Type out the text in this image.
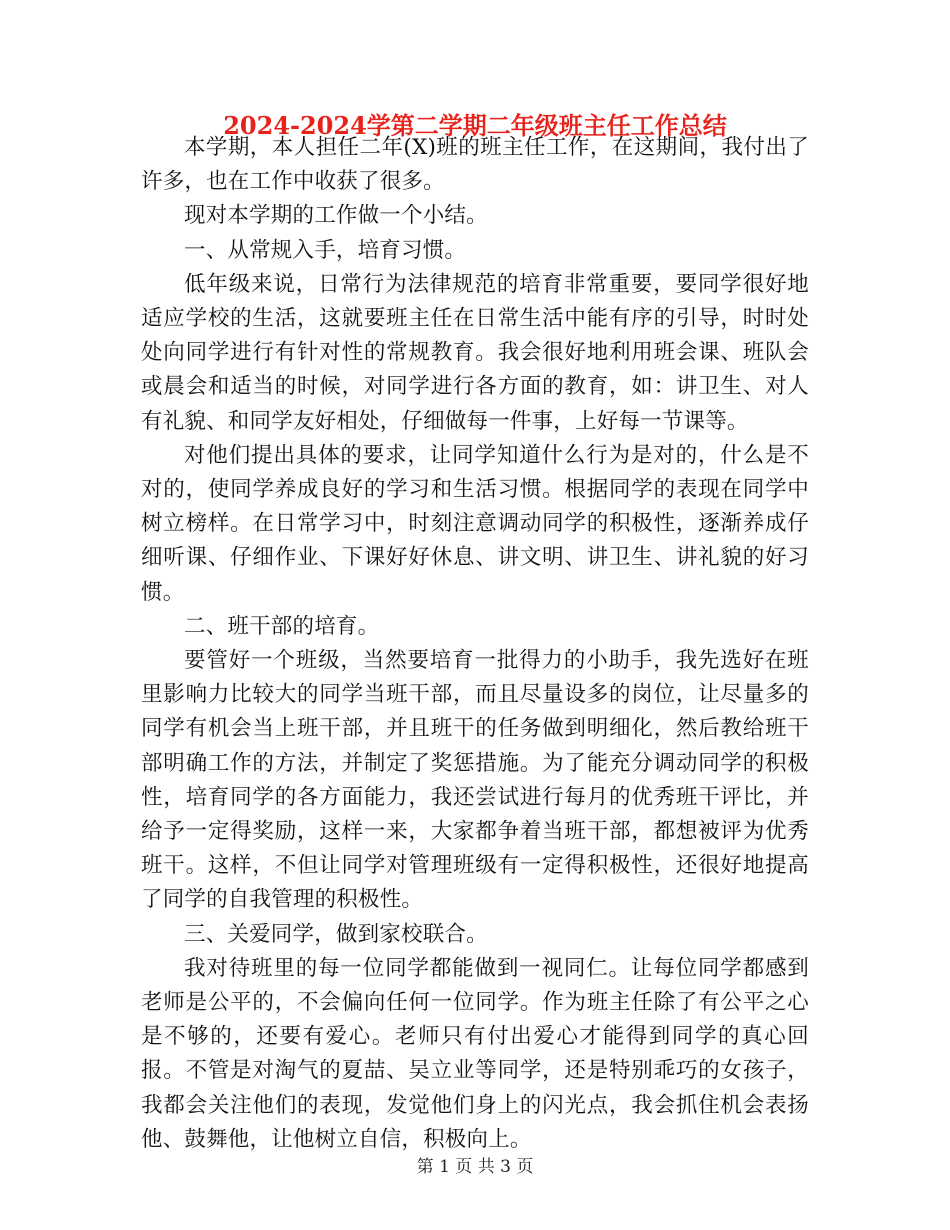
2024-2024学第二学期二年级班主任工作总结

本学期，本人担任二年(X)班的班主任工作，在这期间，我付出了许多，也在工作中收获了很多。

现对本学期的工作做一个小结。

一、从常规入手，培育习惯。

低年级来说，日常行为法律规范的培育非常重要，要同学很好地适应学校的生活，这就要班主任在日常生活中能有序的引导，时时处处向同学进行有针对性的常规教育。我会很好地利用班会课、班队会或晨会和适当的时候，对同学进行各方面的教育，如：讲卫生、对人有礼貌、和同学友好相处，仔细做每一件事，上好每一节课等。

对他们提出具体的要求，让同学知道什么行为是对的，什么是不对的，使同学养成良好的学习和生活习惯。根据同学的表现在同学中树立榜样。在日常学习中，时刻注意调动同学的积极性，逐渐养成仔细听课、仔细作业、下课好好休息、讲文明、讲卫生、讲礼貌的好习惯。

二、班干部的培育。

要管好一个班级，当然要培育一批得力的小助手，我先选好在班里影响力比较大的同学当班干部，而且尽量设多的岗位，让尽量多的同学有机会当上班干部，并且班干的任务做到明细化，然后教给班干部明确工作的方法，并制定了奖惩措施。为了能充分调动同学的积极性，培育同学的各方面能力，我还尝试进行每月的优秀班干评比，并给予一定得奖励，这样一来，大家都争着当班干部，都想被评为优秀班干。这样，不但让同学对管理班级有一定得积极性，还很好地提高了同学的自我管理的积极性。

三、关爱同学，做到家校联合。

我对待班里的每一位同学都能做到一视同仁。让每位同学都感到老师是公平的，不会偏向任何一位同学。作为班主任除了有公平之心是不够的，还要有爱心。老师只有付出爱心才能得到同学的真心回报。不管是对淘气的夏喆、吴立业等同学，还是特别乖巧的女孩子，我都会关注他们的表现，发觉他们身上的闪光点，我会抓住机会表扬他、鼓舞他，让他树立自信，积极向上。

第 1 页 共 3 页
